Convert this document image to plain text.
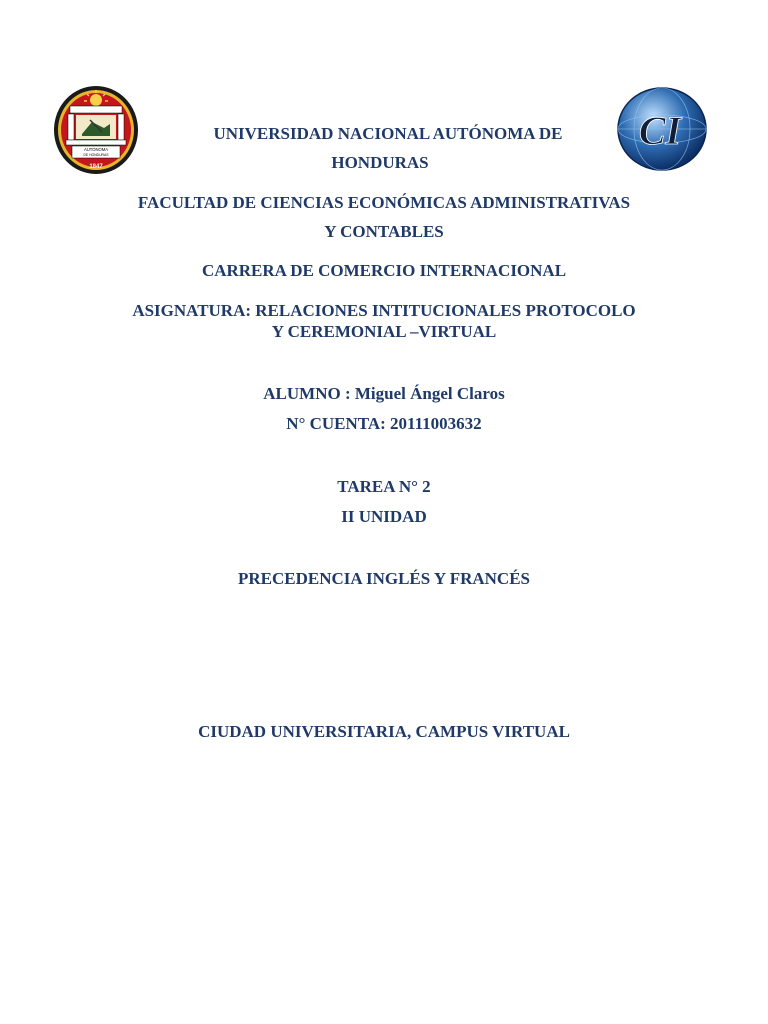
AUTONOMA
DE HONDURAS
1847
CI
UNIVERSIDAD NACIONAL AUTÓNOMA DE
HONDURAS
FACULTAD DE CIENCIAS ECONÓMICAS ADMINISTRATIVAS
Y CONTABLES
CARRERA DE COMERCIO INTERNACIONAL
ASIGNATURA: RELACIONES INTITUCIONALES PROTOCOLO
Y CEREMONIAL –VIRTUAL
ALUMNO : Miguel Ángel Claros
N° CUENTA: 20111003632
TAREA N° 2
II UNIDAD
PRECEDENCIA INGLÉS Y FRANCÉS
CIUDAD UNIVERSITARIA, CAMPUS VIRTUAL
